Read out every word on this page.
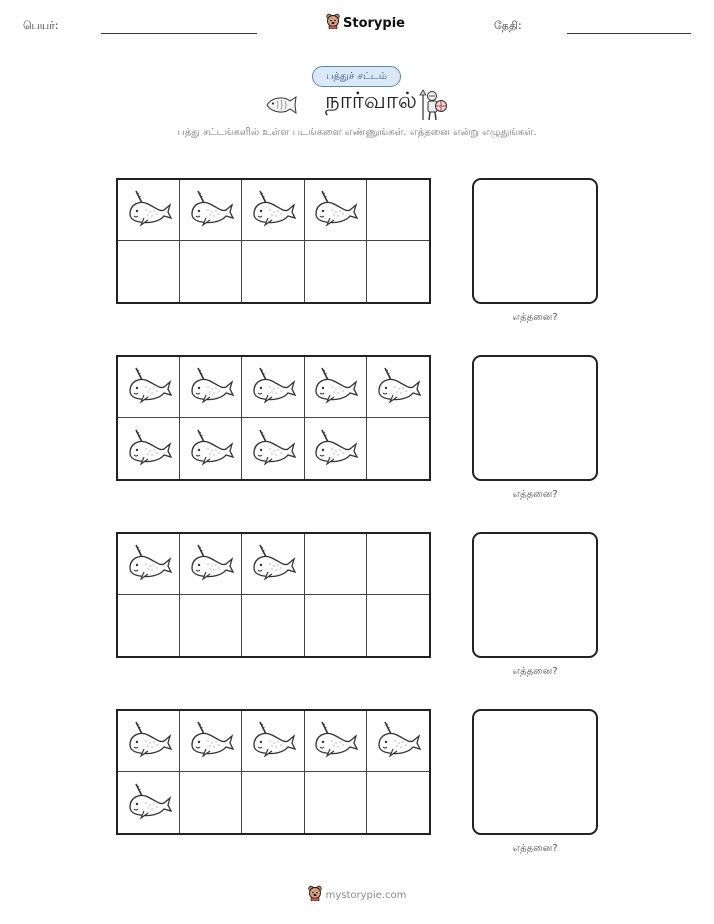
பெயர்:	Storypie	தேதி:
பத்துச் சட்டம்
நார்வால்
பத்து சட்டங்களில் உள்ள படங்களை எண்ணுங்கள். எத்தனை என்று எழுதுங்கள்.
எத்தனை?
எத்தனை?
எத்தனை?
எத்தனை?
mystorypie.com
